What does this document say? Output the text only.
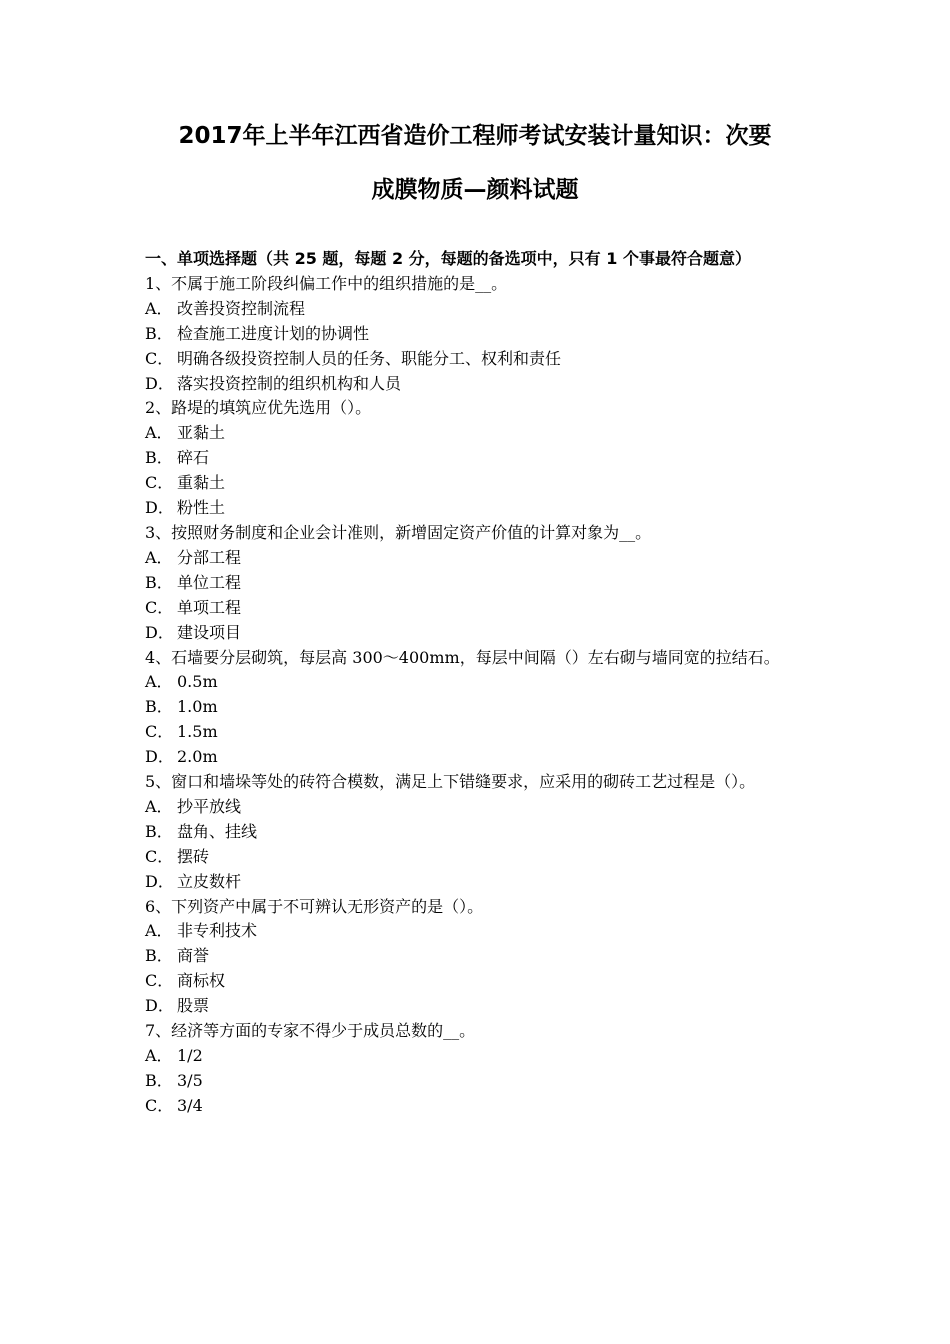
2017年上半年江西省造价工程师考试安装计量知识：次要
成膜物质—颜料试题

一、单项选择题（共 25 题，每题 2 分，每题的备选项中，只有 1 个事最符合题意）

1、不属于施工阶段纠偏工作中的组织措施的是__。

A． 改善投资控制流程

B． 检查施工进度计划的协调性

C． 明确各级投资控制人员的任务、职能分工、权利和责任

D． 落实投资控制的组织机构和人员

2、路堤的填筑应优先选用（）。

A． 亚黏土

B． 碎石

C． 重黏土

D． 粉性土

3、按照财务制度和企业会计准则，新增固定资产价值的计算对象为__。

A． 分部工程

B． 单位工程

C． 单项工程

D． 建设项目

4、石墙要分层砌筑，每层高 300～400mm，每层中间隔（）左右砌与墙同宽的拉结石。

A． 0.5m

B． 1.0m

C． 1.5m

D． 2.0m

5、窗口和墙垛等处的砖符合模数，满足上下错缝要求，应采用的砌砖工艺过程是（）。

A． 抄平放线

B． 盘角、挂线

C． 摆砖

D． 立皮数杆

6、下列资产中属于不可辨认无形资产的是（）。

A． 非专利技术

B． 商誉

C． 商标权

D． 股票

7、经济等方面的专家不得少于成员总数的__。

A． 1/2

B． 3/5

C． 3/4
